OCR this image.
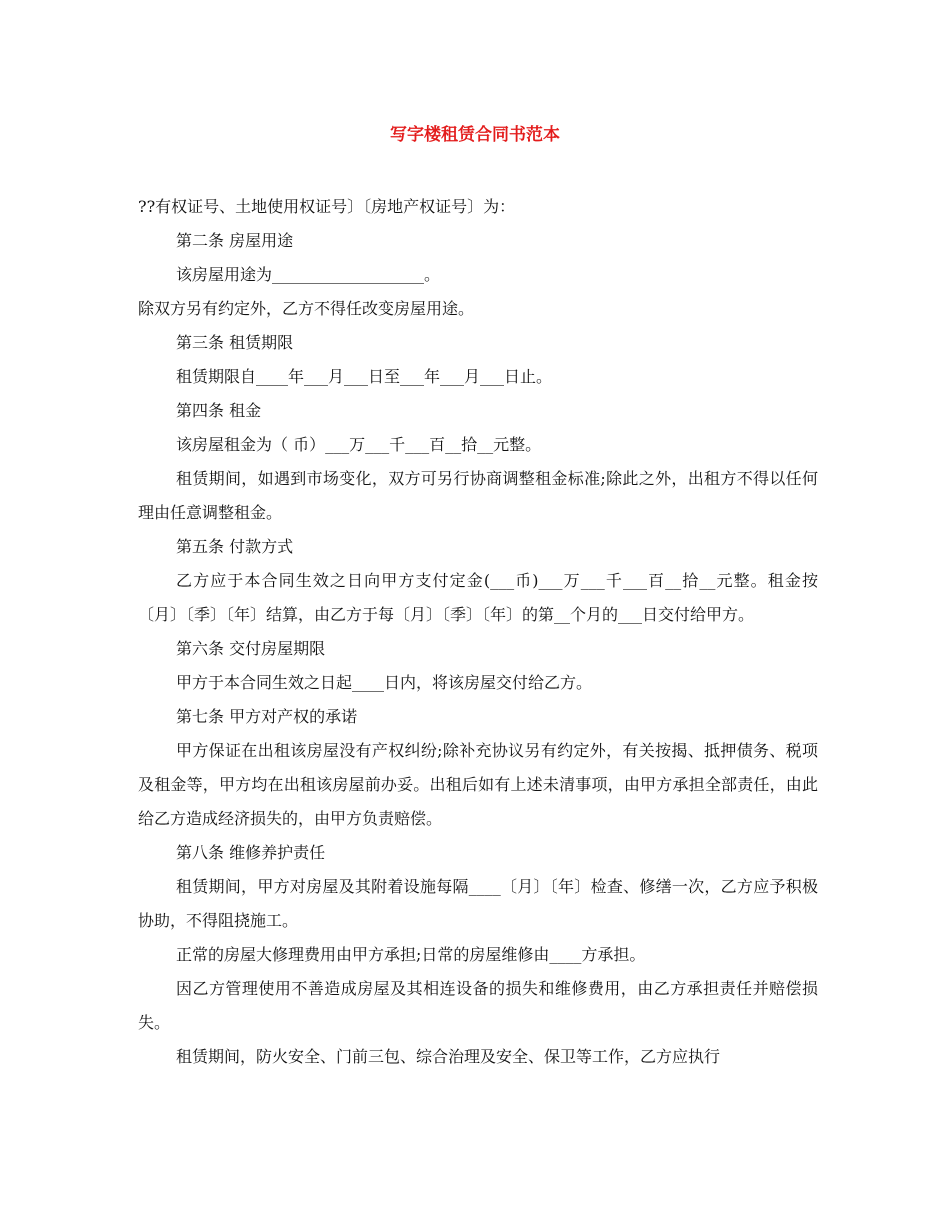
写字楼租赁合同书范本

??有权证号、土地使用权证号〕〔房地产权证号〕为：

第二条 房屋用途

该房屋用途为___________________。

除双方另有约定外，乙方不得任改变房屋用途。

第三条 租赁期限

租赁期限自____年___月___日至___年___月___日止。

第四条 租金

该房屋租金为（ 币）___万___千___百__拾__元整。

租赁期间，如遇到市场变化，双方可另行协商调整租金标准;除此之外，出租方不得以任何理由任意调整租金。

第五条 付款方式

乙方应于本合同生效之日向甲方支付定金(___币)___万___千___百__拾__元整。租金按〔月〕〔季〕〔年〕结算，由乙方于每〔月〕〔季〕〔年〕的第__个月的___日交付给甲方。

第六条 交付房屋期限

甲方于本合同生效之日起____日内，将该房屋交付给乙方。

第七条 甲方对产权的承诺

甲方保证在出租该房屋没有产权纠纷;除补充协议另有约定外，有关按揭、抵押债务、税项及租金等，甲方均在出租该房屋前办妥。出租后如有上述未清事项，由甲方承担全部责任，由此给乙方造成经济损失的，由甲方负责赔偿。

第八条 维修养护责任

租赁期间，甲方对房屋及其附着设施每隔____〔月〕〔年〕检查、修缮一次，乙方应予积极协助，不得阻挠施工。

正常的房屋大修理费用由甲方承担;日常的房屋维修由____方承担。

因乙方管理使用不善造成房屋及其相连设备的损失和维修费用，由乙方承担责任并赔偿损失。

租赁期间，防火安全、门前三包、综合治理及安全、保卫等工作，乙方应执行
